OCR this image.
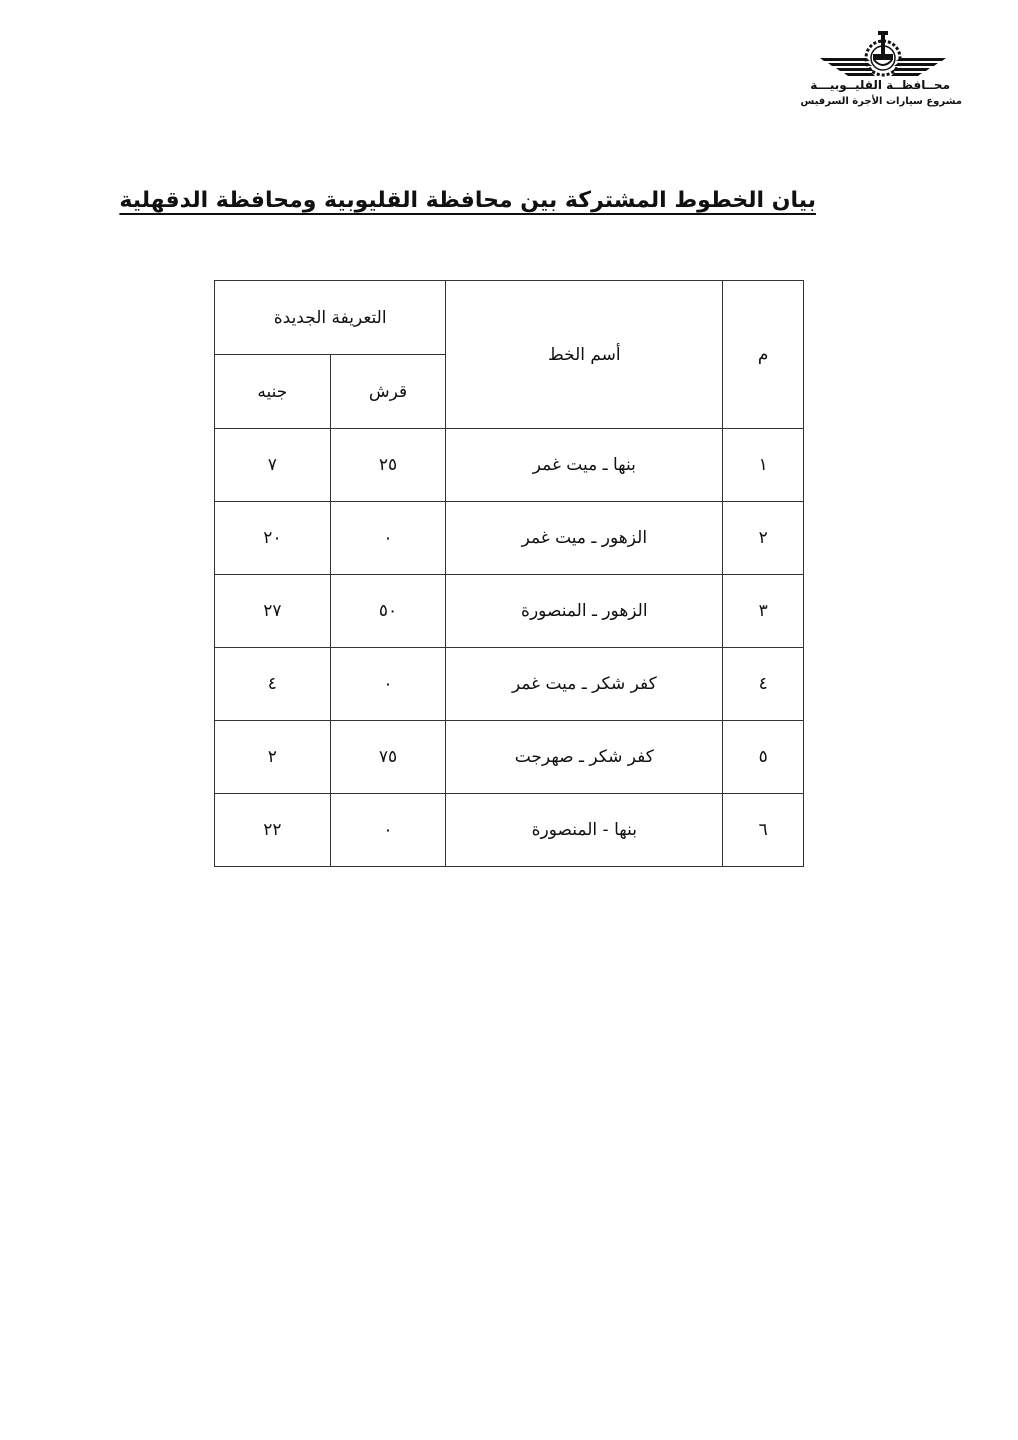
محــافظــة القليــوبيـــة
مشروع سيارات الأجرة السرفيس
بيان الخطوط المشتركة بين محافظة القليوبية ومحافظة الدقهلية
م	أسم الخط	التعريفة الجديدة	
		قرش	جنيه
١	بنها ـ ميت غمر	٢٥	٧
٢	الزهور ـ ميت غمر	٠	٢٠
٣	الزهور ـ المنصورة	٥٠	٢٧
٤	كفر شكر ـ ميت غمر	٠	٤
٥	كفر شكر ـ صهرجت	٧٥	٢
٦	بنها - المنصورة	٠	٢٢
